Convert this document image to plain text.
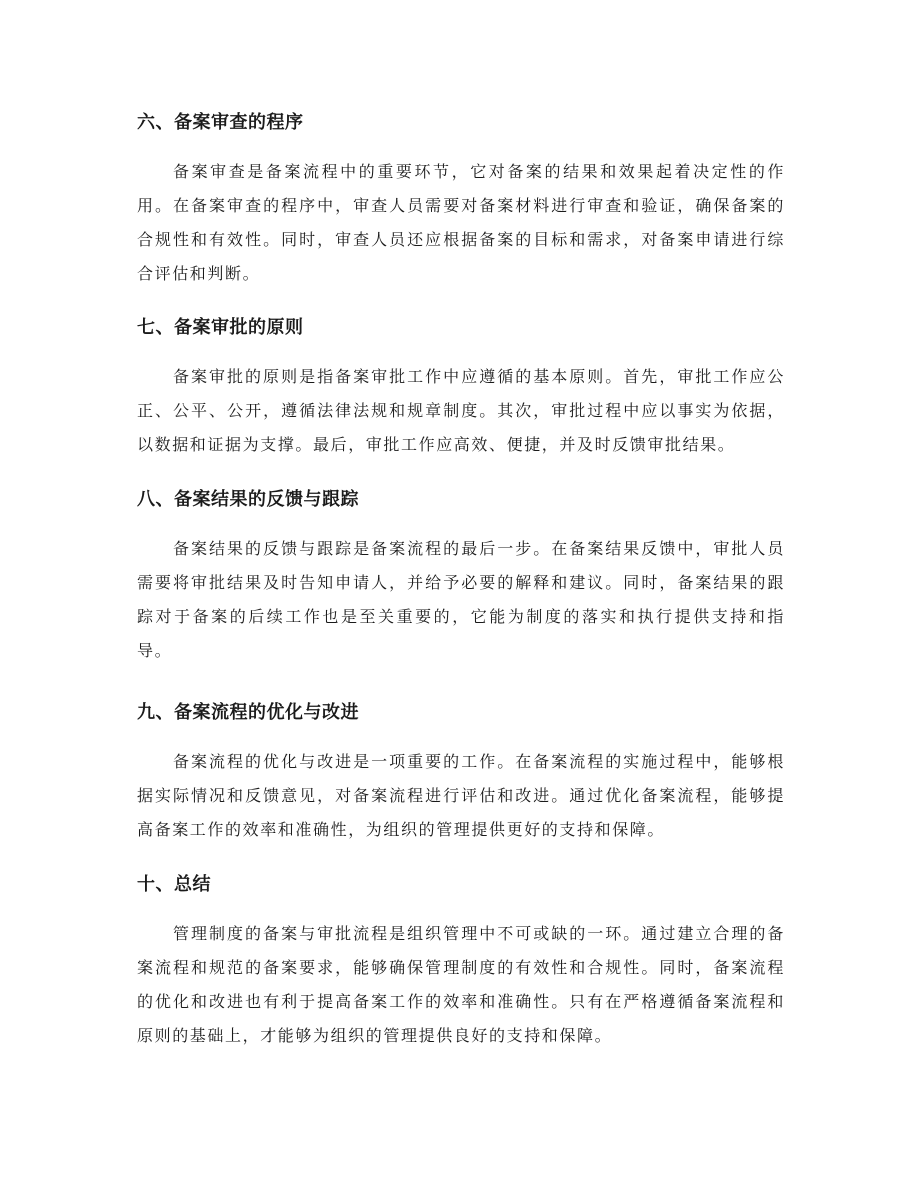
六、备案审查的程序

备案审查是备案流程中的重要环节，它对备案的结果和效果起着决定性的作用。在备案审查的程序中，审查人员需要对备案材料进行审查和验证，确保备案的合规性和有效性。同时，审查人员还应根据备案的目标和需求，对备案申请进行综合评估和判断。

七、备案审批的原则

备案审批的原则是指备案审批工作中应遵循的基本原则。首先，审批工作应公正、公平、公开，遵循法律法规和规章制度。其次，审批过程中应以事实为依据，以数据和证据为支撑。最后，审批工作应高效、便捷，并及时反馈审批结果。

八、备案结果的反馈与跟踪

备案结果的反馈与跟踪是备案流程的最后一步。在备案结果反馈中，审批人员需要将审批结果及时告知申请人，并给予必要的解释和建议。同时，备案结果的跟踪对于备案的后续工作也是至关重要的，它能为制度的落实和执行提供支持和指导。

九、备案流程的优化与改进

备案流程的优化与改进是一项重要的工作。在备案流程的实施过程中，能够根据实际情况和反馈意见，对备案流程进行评估和改进。通过优化备案流程，能够提高备案工作的效率和准确性，为组织的管理提供更好的支持和保障。

十、总结

管理制度的备案与审批流程是组织管理中不可或缺的一环。通过建立合理的备案流程和规范的备案要求，能够确保管理制度的有效性和合规性。同时，备案流程的优化和改进也有利于提高备案工作的效率和准确性。只有在严格遵循备案流程和原则的基础上，才能够为组织的管理提供良好的支持和保障。
